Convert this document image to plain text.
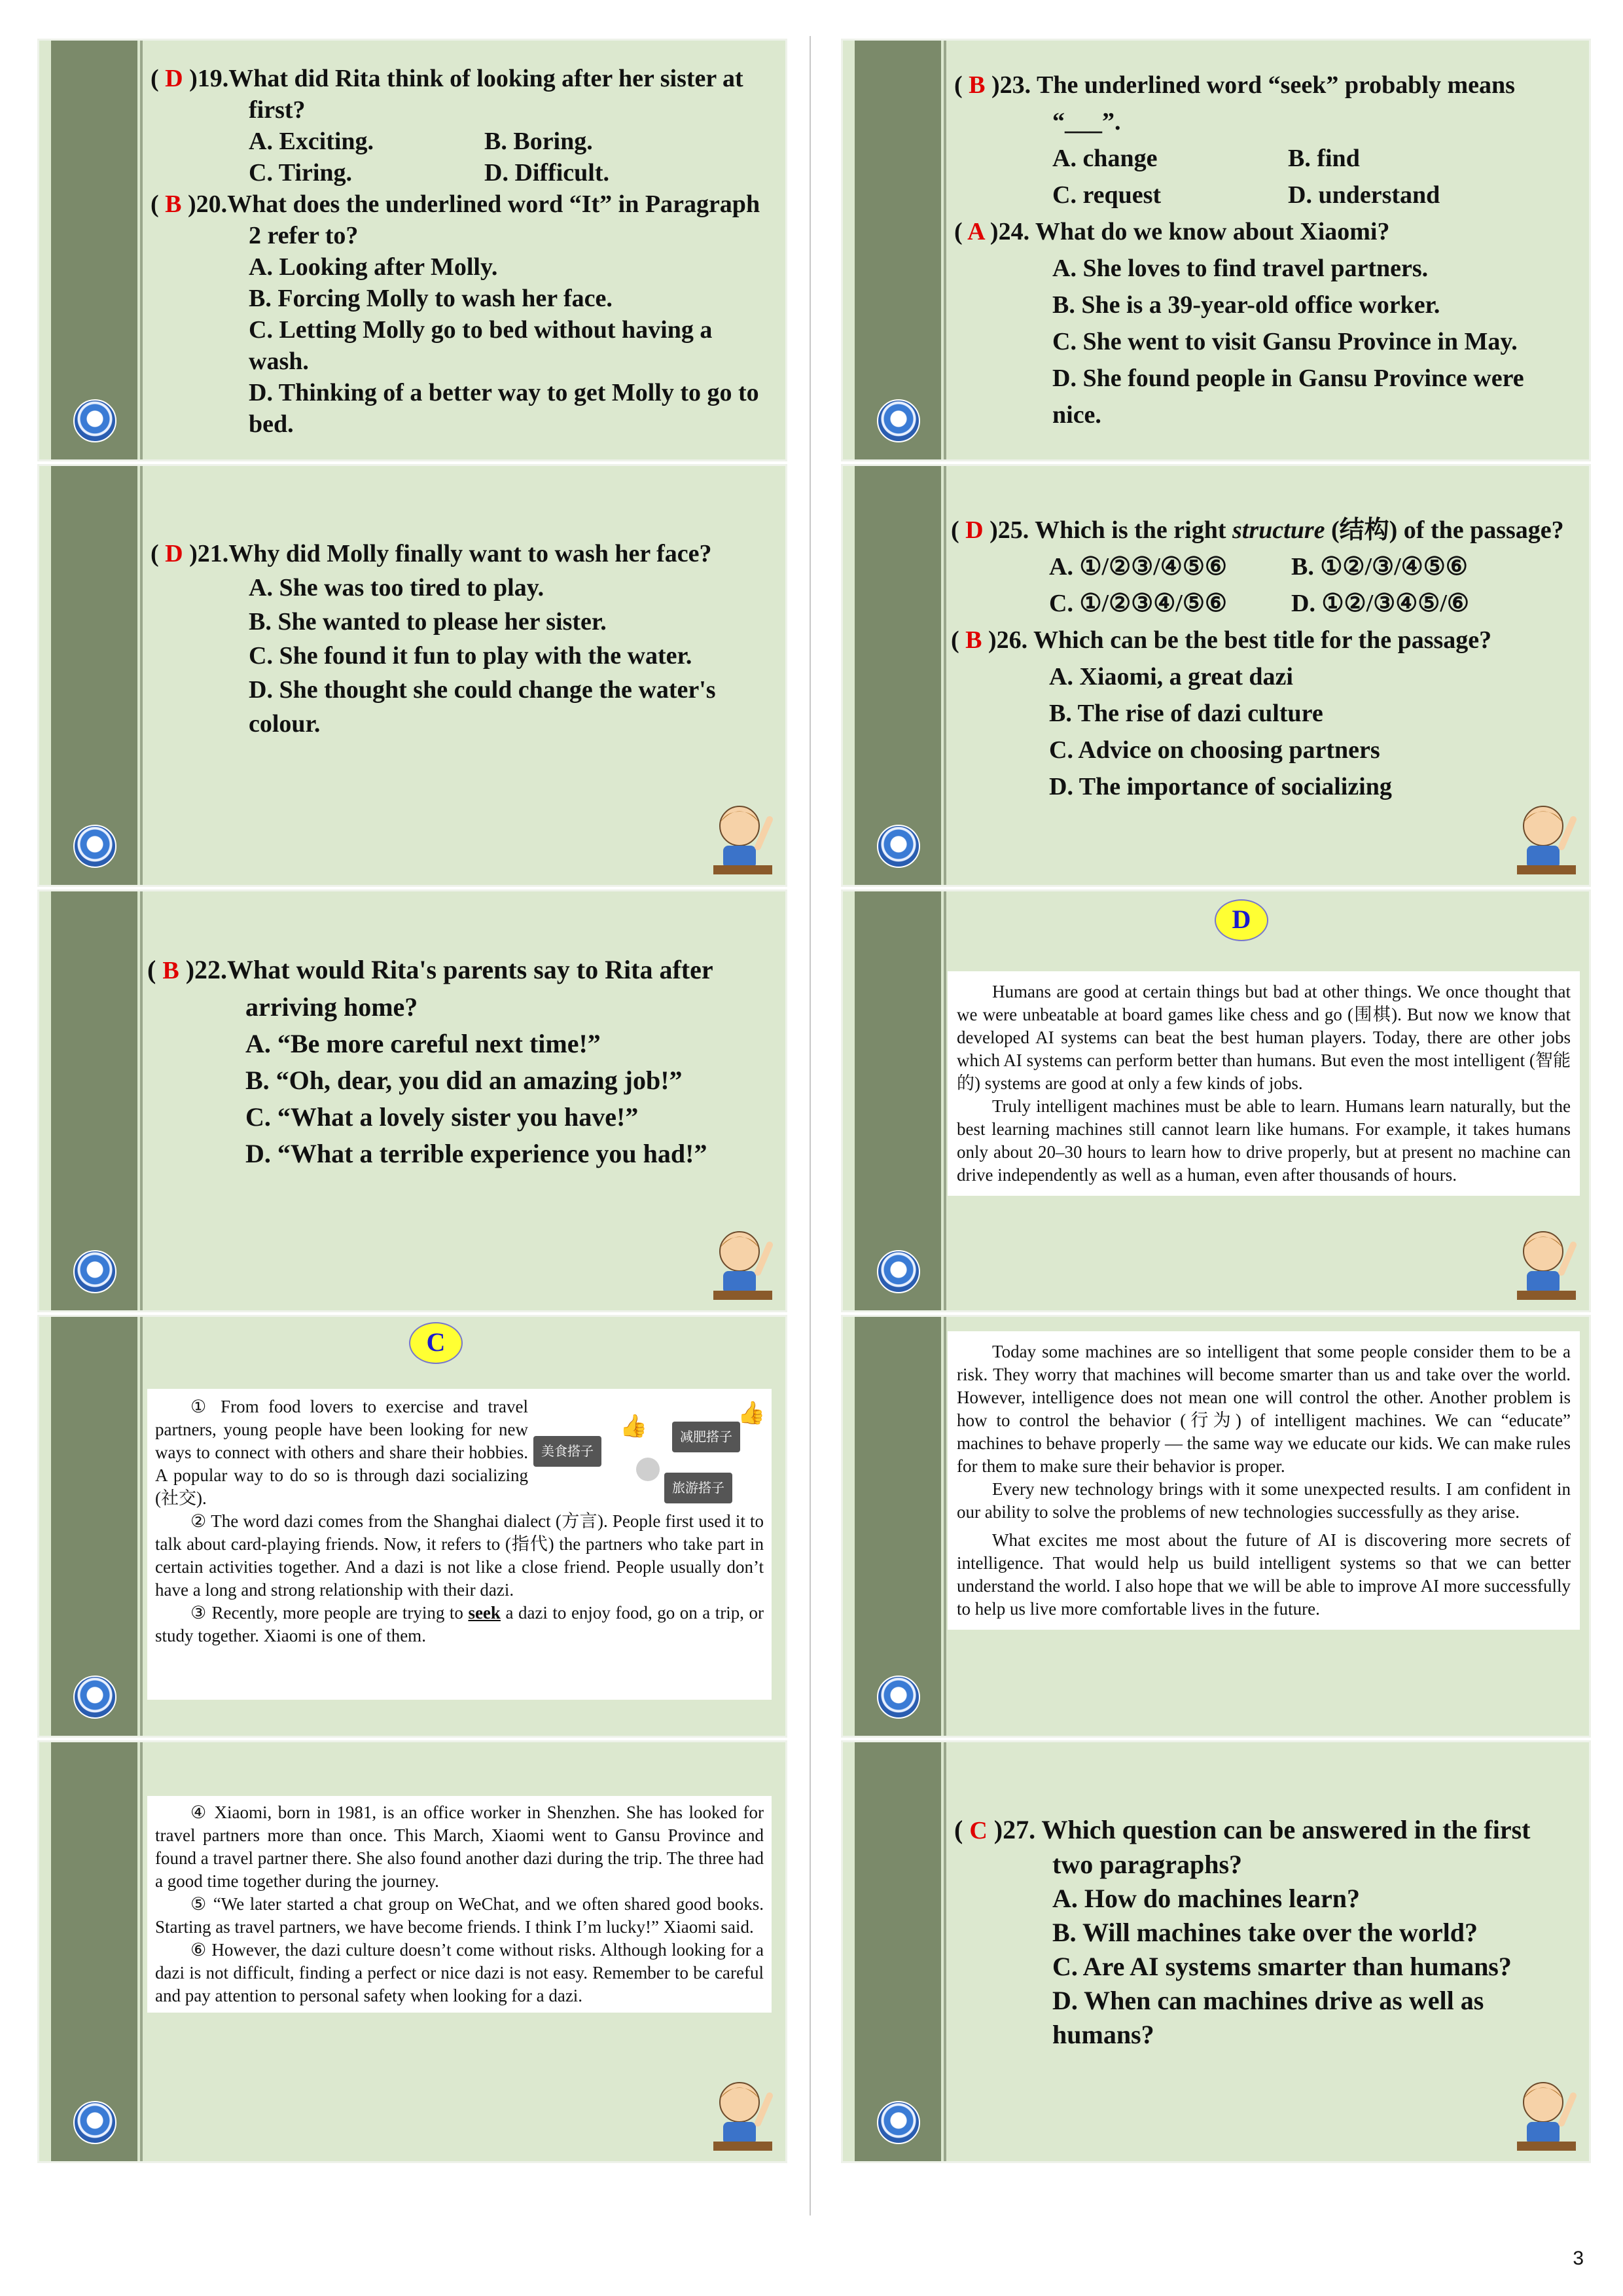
( D )19.What did Rita think of looking after her sister at first?
A. Exciting.	B. Boring.
C. Tiring.	D. Difficult.
( B )20.What does the underlined word “It” in Paragraph 2 refer to?
A. Looking after Molly.
B. Forcing Molly to wash her face.
C. Letting Molly go to bed without having a wash.
D. Thinking of a better way to get Molly to go to bed.
( B )23. The underlined word “seek” probably means “___”.
A. change	B. find
C. request	D. understand
( A )24. What do we know about Xiaomi?
A. She loves to find travel partners.
B. She is a 39-year-old office worker.
C. She went to visit Gansu Province in May.
D. She found people in Gansu Province were nice.
( D )21.Why did Molly finally want to wash her face?
A. She was too tired to play.
B. She wanted to please her sister.
C. She found it fun to play with the water.
D. She thought she could change the water's colour.
( D )25. Which is the right structure (结构) of the passage?
A. ①/②③/④⑤⑥	B. ①②/③/④⑤⑥
C. ①/②③④/⑤⑥	D. ①②/③④⑤/⑥
( B )26. Which can be the best title for the passage?
A. Xiaomi, a great dazi
B. The rise of dazi culture
C. Advice on choosing partners
D. The importance of socializing
( B )22.What would Rita's parents say to Rita after arriving home?
A. “Be more careful next time!”
B. “Oh, dear, you did an amazing job!”
C. “What a lovely sister you have!”
D. “What a terrible experience you had!”
D

Humans are good at certain things but bad at other things. We once thought that we were unbeatable at board games like chess and go (围棋). But now we know that developed AI systems can beat the best human players. Today, there are other jobs which AI systems can perform better than humans. But even the most intelligent (智能的) systems are good at only a few kinds of jobs.

Truly intelligent machines must be able to learn. Humans learn naturally, but the best learning machines still cannot learn like humans. For example, it takes humans only about 20–30 hours to learn how to drive properly, but at present no machine can drive independently as well as a human, even after thousands of hours.

C
美食搭子
减肥搭子
旅游搭子
👍
👍

① From food lovers to exercise and travel partners, young people have been looking for new ways to connect with others and share their hobbies. A popular way to do so is through dazi socializing (社交).

② The word dazi comes from the Shanghai dialect (方言). People first used it to talk about card-playing friends. Now, it refers to (指代) the partners who take part in certain activities together. And a dazi is not like a close friend. People usually don’t have a long and strong relationship with their dazi.

③ Recently, more people are trying to seek a dazi to enjoy food, go on a trip, or study together. Xiaomi is one of them.

Today some machines are so intelligent that some people consider them to be a risk. They worry that machines will become smarter than us and take over the world. However, intelligence does not mean one will control the other. Another problem is how to control the behavior (行为) of intelligent machines. We can “educate” machines to behave properly — the same way we educate our kids. We can make rules for them to make sure their behavior is proper.

Every new technology brings with it some unexpected results. I am confident in our ability to solve the problems of new technologies successfully as they arise.

What excites me most about the future of AI is discovering more secrets of intelligence. That would help us build intelligent systems so that we can better understand the world. I also hope that we will be able to improve AI more successfully to help us live more comfortable lives in the future.

④ Xiaomi, born in 1981, is an office worker in Shenzhen. She has looked for travel partners more than once. This March, Xiaomi went to Gansu Province and found a travel partner there. She also found another dazi during the trip. The three had a good time together during the journey.

⑤ “We later started a chat group on WeChat, and we often shared good books. Starting as travel partners, we have become friends. I think I’m lucky!” Xiaomi said.

⑥ However, the dazi culture doesn’t come without risks. Although looking for a dazi is not difficult, finding a perfect or nice dazi is not easy. Remember to be careful and pay attention to personal safety when looking for a dazi.

( C )27. Which question can be answered in the first two paragraphs?
A. How do machines learn?
B. Will machines take over the world?
C. Are AI systems smarter than humans?
D. When can machines drive as well as humans?
3
